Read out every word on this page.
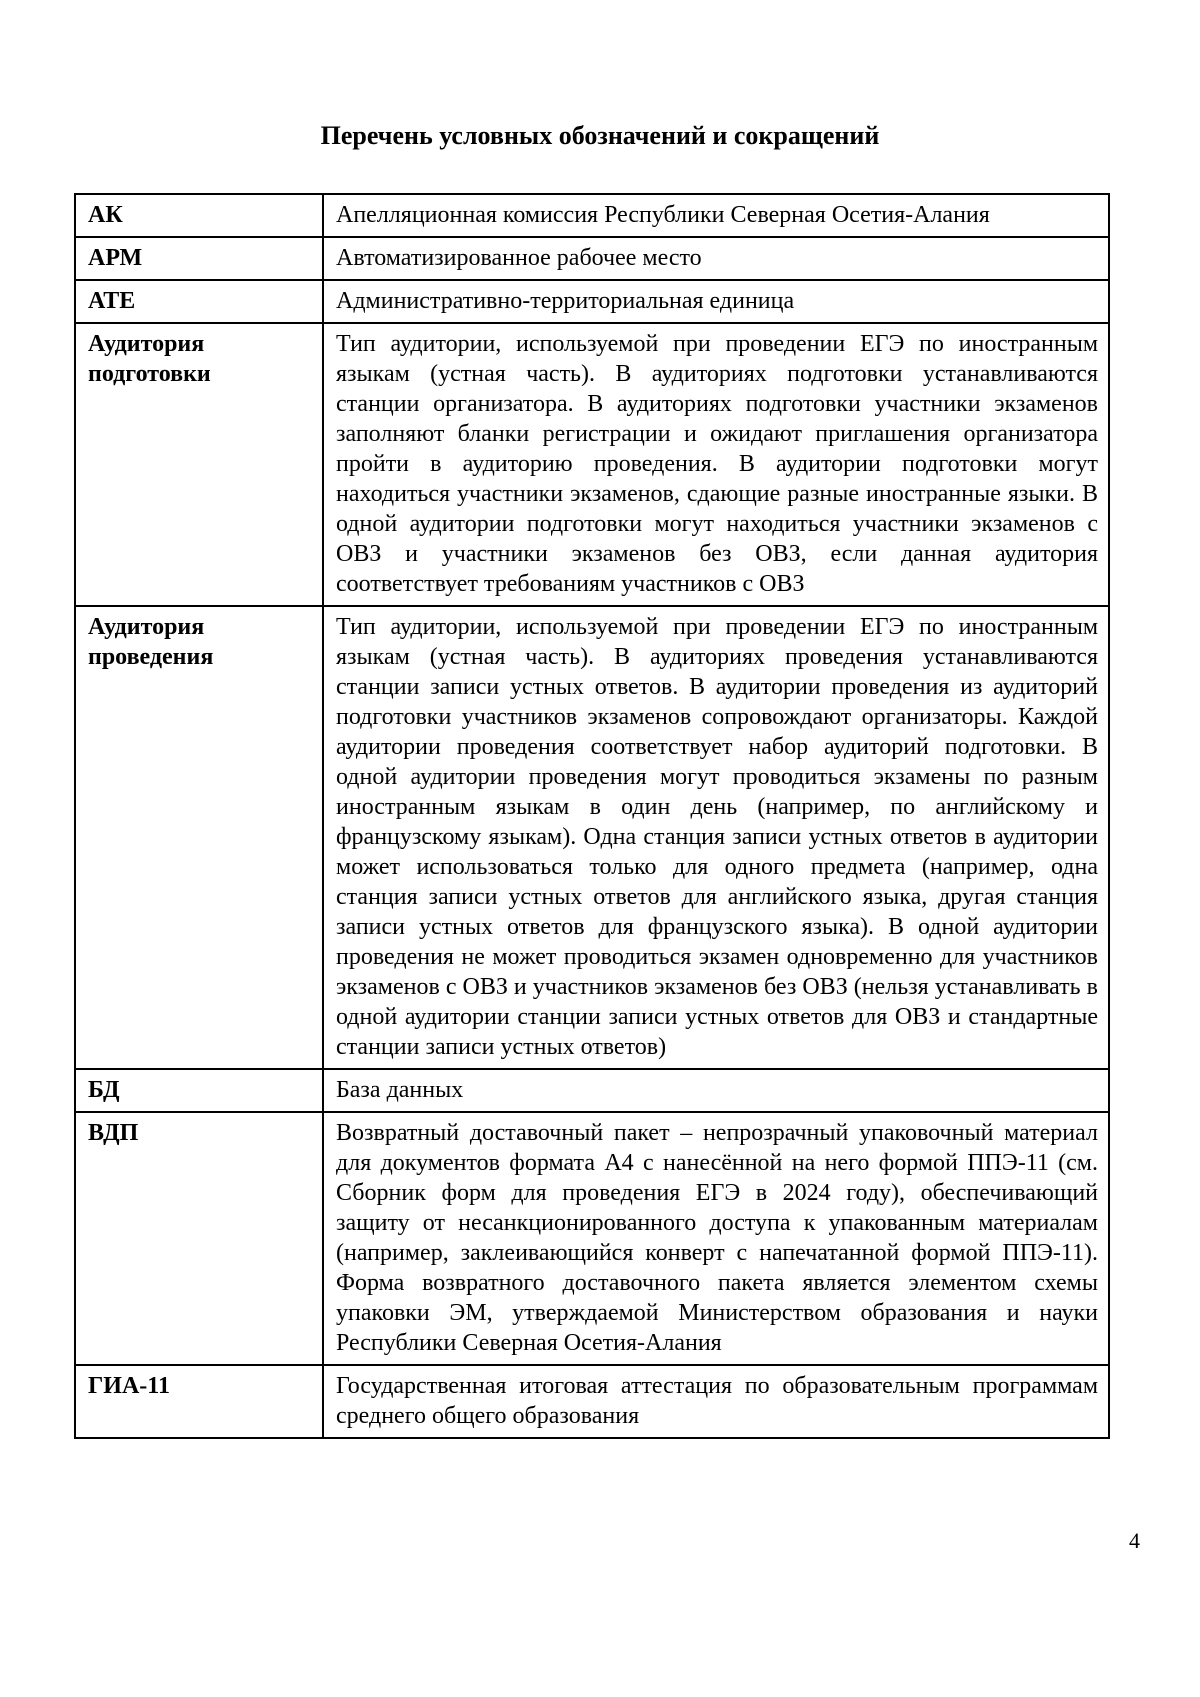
Перечень условных обозначений и сокращений
АК	Апелляционная комиссия Республики Северная Осетия-Алания
АРМ	Автоматизированное рабочее место
АТЕ	Административно-территориальная единица
Аудитория подготовки	Тип аудитории, используемой при проведении ЕГЭ по иностранным языкам (устная часть). В аудиториях подготовки устанавливаются станции организатора. В аудиториях подготовки участники экзаменов заполняют бланки регистрации и ожидают приглашения организатора пройти в аудиторию проведения. В аудитории подготовки могут находиться участники экзаменов, сдающие разные иностранные языки. В одной аудитории подготовки могут находиться участники экзаменов с ОВЗ и участники экзаменов без ОВЗ, если данная аудитория соответствует требованиям участников с ОВЗ
Аудитория проведения	Тип аудитории, используемой при проведении ЕГЭ по иностранным языкам (устная часть). В аудиториях проведения устанавливаются станции записи устных ответов. В аудитории проведения из аудиторий подготовки участников экзаменов сопровождают организаторы. Каждой аудитории проведения соответствует набор аудиторий подготовки. В одной аудитории проведения могут проводиться экзамены по разным иностранным языкам в один день (например, по английскому и французскому языкам). Одна станция записи устных ответов в аудитории может использоваться только для одного предмета (например, одна станция записи устных ответов для английского языка, другая станция записи устных ответов для французского языка). В одной аудитории проведения не может проводиться экзамен одновременно для участников экзаменов с ОВЗ и участников экзаменов без ОВЗ (нельзя устанавливать в одной аудитории станции записи устных ответов для ОВЗ и стандартные станции записи устных ответов)
БД	База данных
ВДП	Возвратный доставочный пакет – непрозрачный упаковочный материал для документов формата А4 с нанесённой на него формой ППЭ-11 (см. Сборник форм для проведения ЕГЭ в 2024 году), обеспечивающий защиту от несанкционированного доступа к упакованным материалам (например, заклеивающийся конверт с напечатанной формой ППЭ-11). Форма возвратного доставочного пакета является элементом схемы упаковки ЭМ, утверждаемой Министерством образования и науки Республики Северная Осетия-Алания
ГИА-11	Государственная итоговая аттестация по образовательным программам среднего общего образования
4
